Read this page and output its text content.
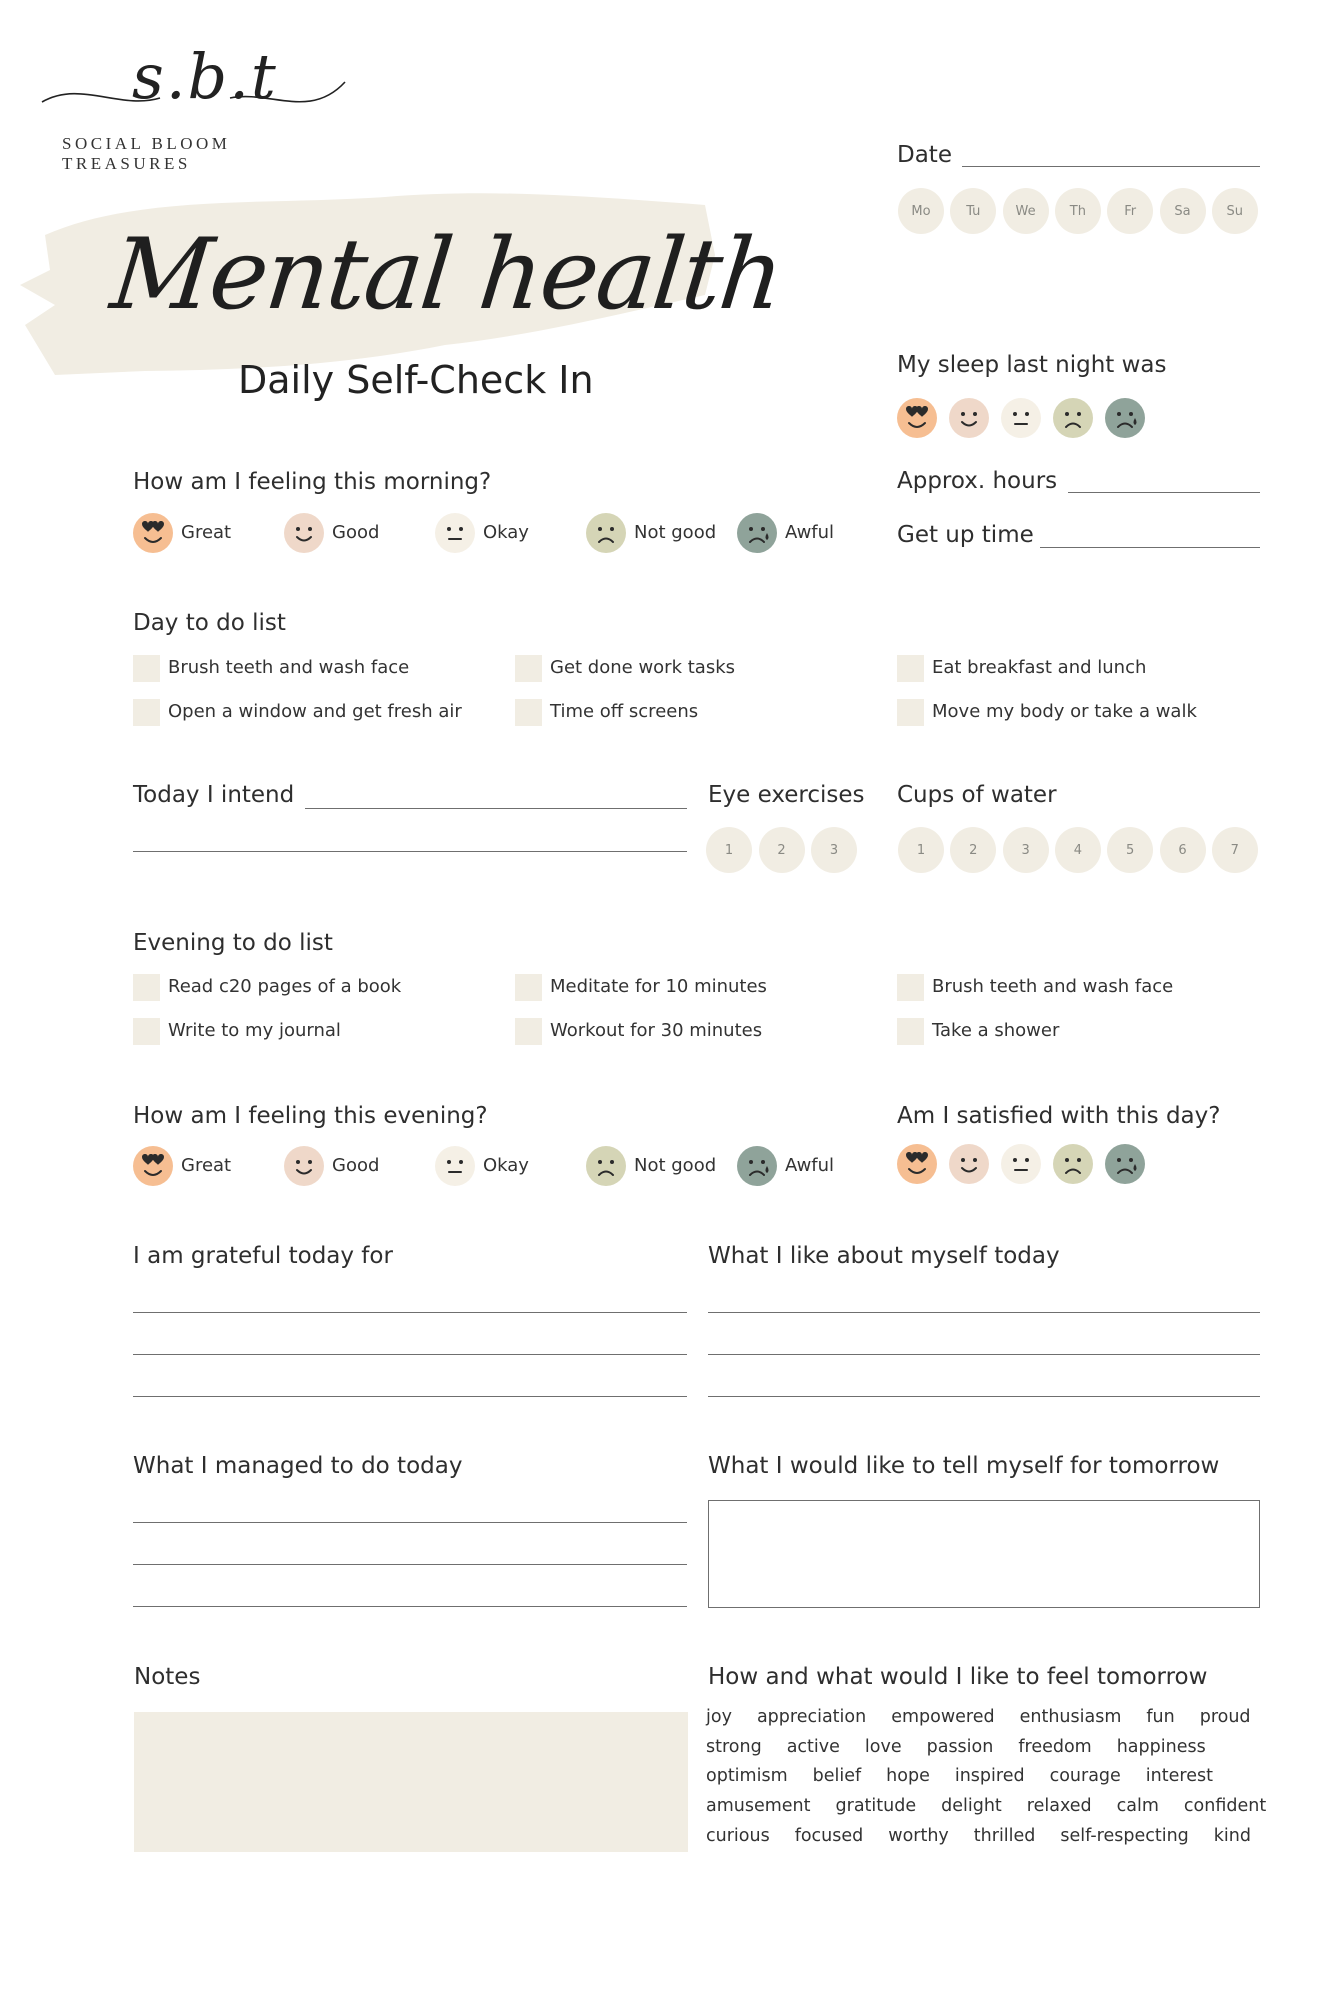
s.b.t
SOCIAL BLOOM TREASURES
Mental health
Daily Self-Check In
Date
Mo	Tu	We	Th	Fr	Sa	Su
My sleep last night was
Approx. hours
Get up time
How am I feeling this morning?
Great	Good	Okay	Not good	Awful
Day to do list
Brush teeth and wash face	Get done work tasks	Eat breakfast and lunch
Open a window and get fresh air	Time off screens	Move my body or take a walk
Today I intend	Eye exercises
1	2	3
Cups of water
1	2	3	4	5	6	7
Evening to do list
Read c20 pages of a book	Meditate for 10 minutes	Brush teeth and wash face
Write to my journal	Workout for 30 minutes	Take a shower
How am I feeling this evening?
Great	Good	Okay	Not good	Awful
Am I satisfied with this day?
I am grateful today for	What I like about myself today
What I managed to do today	What I would like to tell myself for tomorrow
Notes	How and what would I like to feel tomorrow
joy appreciation empowered enthusiasm fun proud
strong active love passion freedom happiness
optimism belief hope inspired courage interest
amusement gratitude delight relaxed calm confident
curious focused worthy thrilled self-respecting kind
